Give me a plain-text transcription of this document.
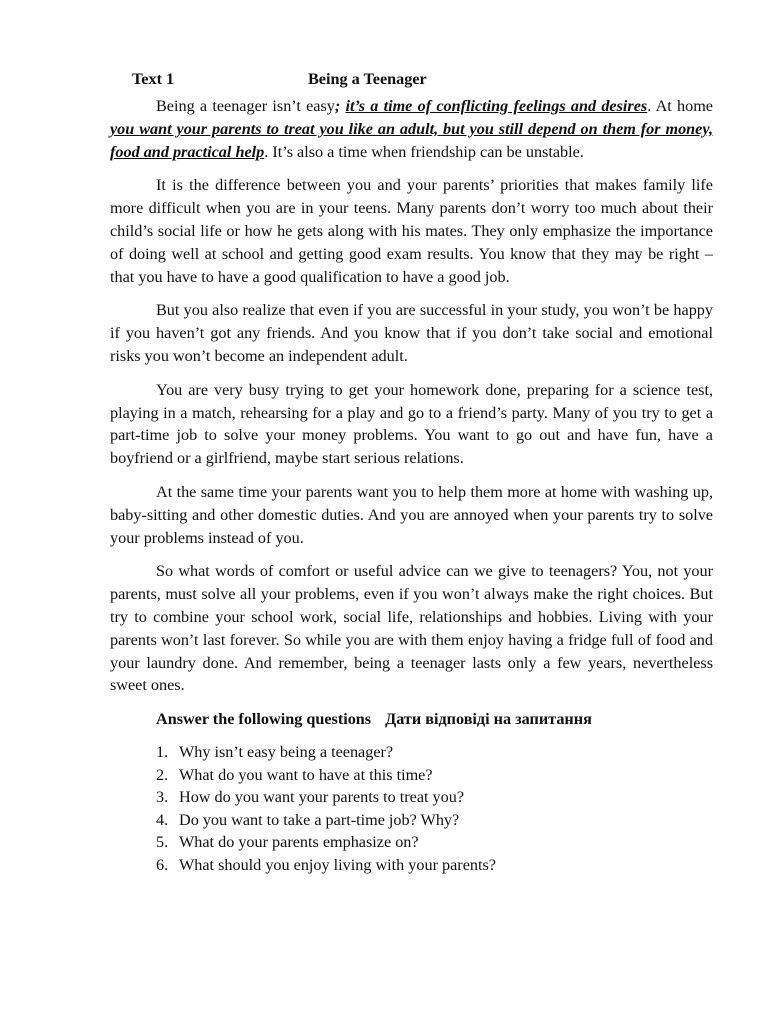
Text 1	Being a Teenager

Being a teenager isn’t easy; it’s a time of conflicting feelings and desires. At home you want your parents to treat you like an adult, but you still depend on them for money, food and practical help. It’s also a time when friendship can be unstable.

It is the difference between you and your parents’ priorities that makes family life more difficult when you are in your teens. Many parents don’t worry too much about their child’s social life or how he gets along with his mates. They only emphasize the importance of doing well at school and getting good exam results. You know that they may be right – that you have to have a good qualification to have a good job.

But you also realize that even if you are successful in your study, you won’t be happy if you haven’t got any friends. And you know that if you don’t take social and emotional risks you won’t become an independent adult.

You are very busy trying to get your homework done, preparing for a science test, playing in a match, rehearsing for a play and go to a friend’s party. Many of you try to get a part-time job to solve your money problems. You want to go out and have fun, have a boyfriend or a girlfriend, maybe start serious relations.

At the same time your parents want you to help them more at home with washing up, baby-sitting and other domestic duties. And you are annoyed when your parents try to solve your problems instead of you.

So what words of comfort or useful advice can we give to teenagers? You, not your parents, must solve all your problems, even if you won’t always make the right choices. But try to combine your school work, social life, relationships and hobbies. Living with your parents won’t last forever. So while you are with them enjoy having a fridge full of food and your laundry done. And remember, being a teenager lasts only a few years, nevertheless sweet ones.

Answer the following questions Дати відповіді на запитання
1. Why isn’t easy being a teenager?
2. What do you want to have at this time?
3. How do you want your parents to treat you?
4. Do you want to take a part-time job? Why?
5. What do your parents emphasize on?
6. What should you enjoy living with your parents?
